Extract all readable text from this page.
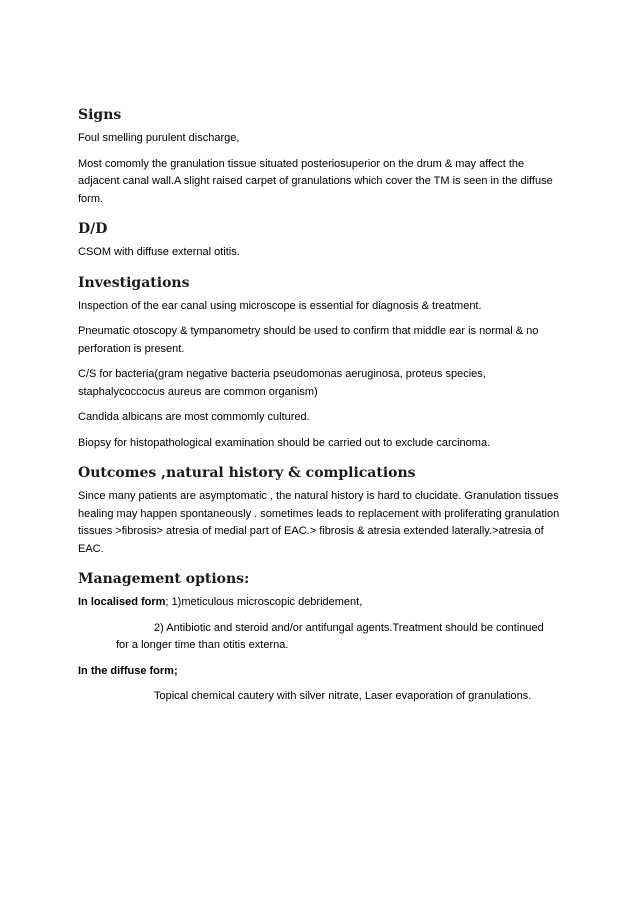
Signs

Foul smelling purulent discharge,

Most comomly the granulation tissue situated posteriosuperior on the drum & may affect the adjacent canal wall.A slight raised carpet of granulations which cover the TM is seen in the diffuse form.

D/D

CSOM with diffuse external otitis.

Investigations

Inspection of the ear canal using microscope is essential for diagnosis & treatment.

Pneumatic otoscopy & tympanometry should be used to confirm that middle ear is normal & no perforation is present.

C/S for bacteria(gram negative bacteria pseudomonas aeruginosa, proteus species, staphalycoccocus aureus are common organism)

Candida albicans are most commomly cultured.

Biopsy for histopathological examination should be carried out to exclude carcinoma.

Outcomes ,natural history & complications

Since many patients are asymptomatic , the natural history is hard to clucidate. Granulation tissues healing may happen spontaneously . sometimes leads to replacement with proliferating granulation tissues >fibrosis> atresia of medial part of EAC.> fibrosis & atresia extended laterally.>atresia of EAC.

Management options:

In localised form; 1)meticulous microscopic debridement,

2) Antibiotic and steroid and/or antifungal agents.Treatment should be continued

for a longer time than otitis externa.

In the diffuse form;

Topical chemical cautery with silver nitrate, Laser evaporation of granulations.
